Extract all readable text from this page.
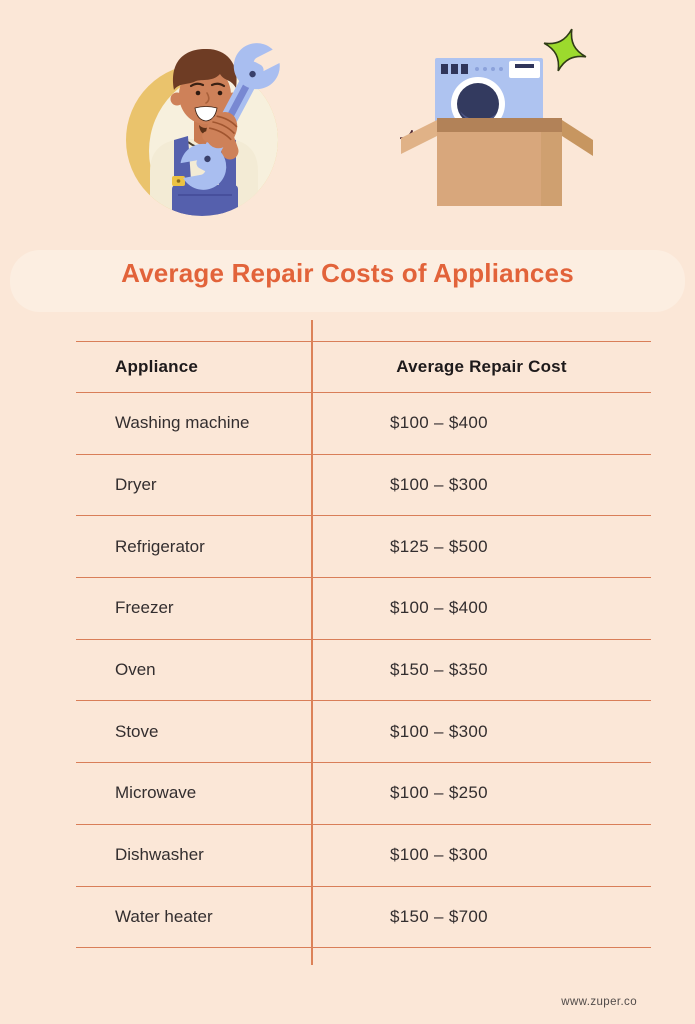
Average Repair Costs of Appliances
Appliance	Average Repair Cost
Washing machine	$100 – $400
Dryer	$100 – $300
Refrigerator	$125 – $500
Freezer	$100 – $400
Oven	$150 – $350
Stove	$100 – $300
Microwave	$100 – $250
Dishwasher	$100 – $300
Water heater	$150 – $700
www.zuper.co
